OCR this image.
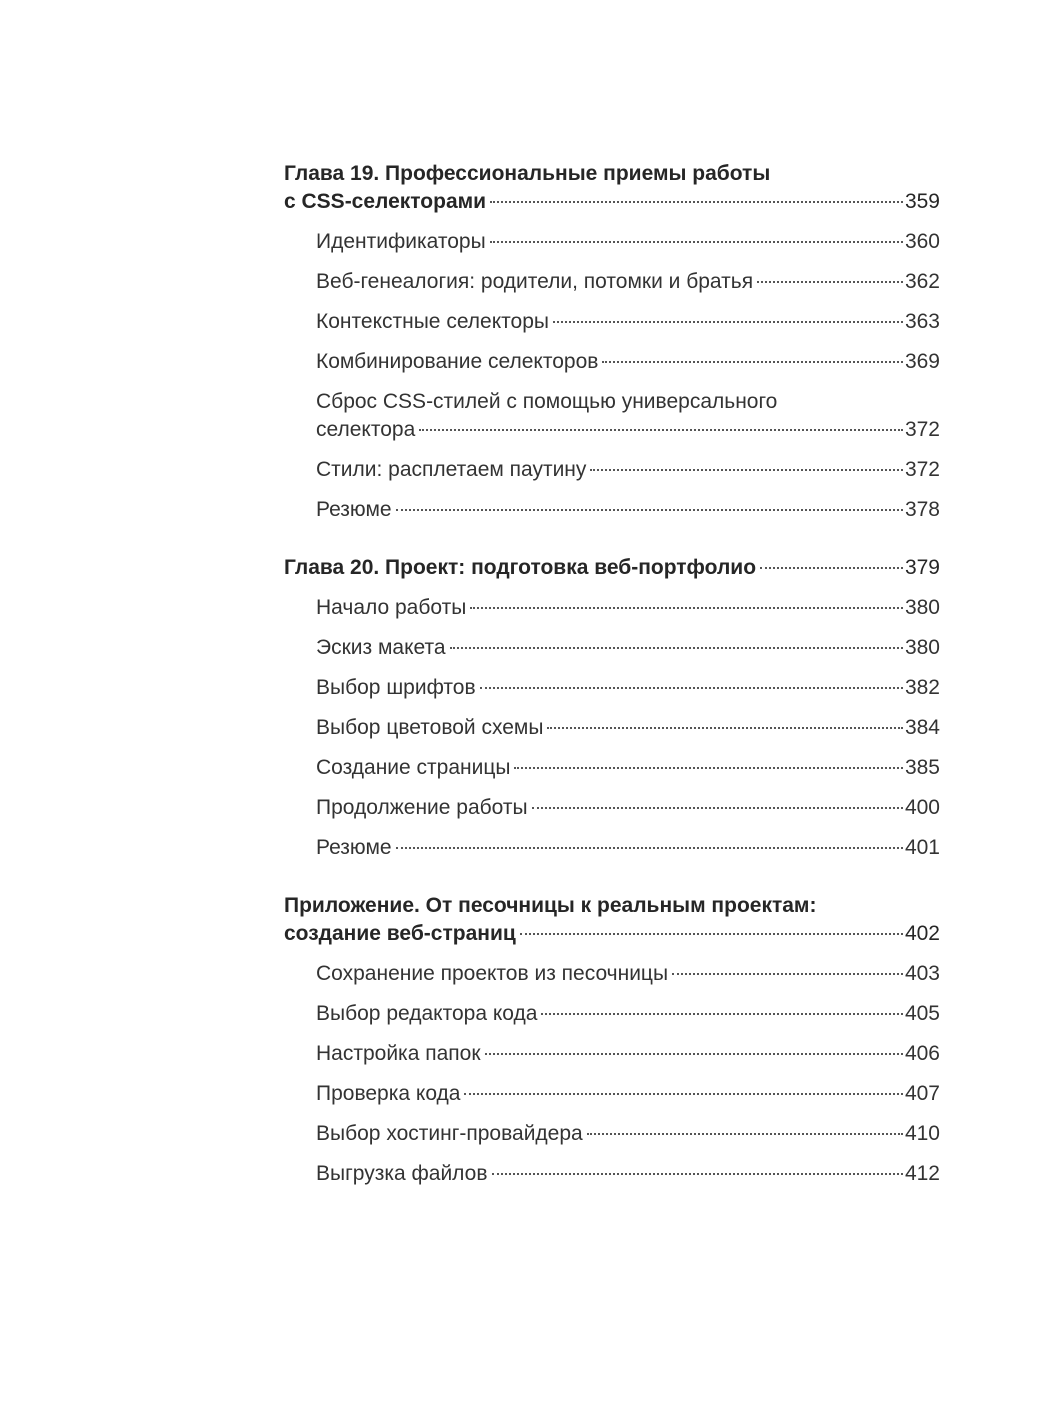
Глава 19. Профессиональные приемы работы
с CSS-селекторами	359
Идентификаторы	360
Веб-генеалогия: родители, потомки и братья	362
Контекстные селекторы	363
Комбинирование селекторов	369
Сброс CSS-стилей с помощью универсального
селектора	372
Стили: расплетаем паутину	372
Резюме	378
Глава 20. Проект: подготовка веб-портфолио	379
Начало работы	380
Эскиз макета	380
Выбор шрифтов	382
Выбор цветовой схемы	384
Создание страницы	385
Продолжение работы	400
Резюме	401
Приложение. От песочницы к реальным проектам:
создание веб-страниц	402
Сохранение проектов из песочницы	403
Выбор редактора кода	405
Настройка папок	406
Проверка кода	407
Выбор хостинг-провайдера	410
Выгрузка файлов	412
